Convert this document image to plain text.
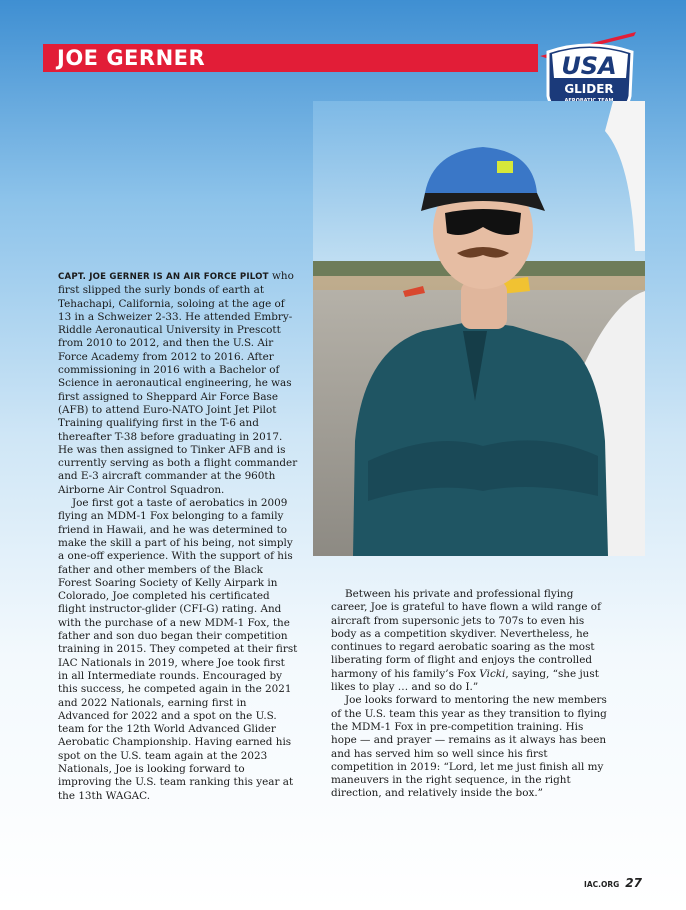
JOE GERNER	USA
GLIDER

CAPT. JOE GERNER IS AN AIR FORCE PILOT who first slipped the surly bonds of earth at Tehachapi, California, soloing at the age of 13 in a Schweizer 2-33. He attended Embry-Riddle Aeronautical University in Prescott from 2010 to 2012, and then the U.S. Air Force Academy from 2012 to 2016. After commissioning in 2016 with a Bachelor of Science in aeronautical engineering, he was first assigned to Sheppard Air Force Base (AFB) to attend Euro-NATO Joint Jet Pilot Training qualifying first in the T-6 and thereafter T-38 before graduating in 2017. He was then assigned to Tinker AFB and is currently serving as both a flight commander and E-3 aircraft commander at the 960th Airborne Air Control Squadron.

Joe first got a taste of aerobatics in 2009 flying an MDM-1 Fox belonging to a family friend in Hawaii, and he was determined to make the skill a part of his being, not simply a one-off experience. With the support of his father and other members of the Black Forest Soaring Society of Kelly Airpark in Colorado, Joe completed his certificated flight instructor-glider (CFI-G) rating. And with the purchase of a new MDM-1 Fox, the father and son duo began their competition training in 2015. They competed at their first IAC Nationals in 2019, where Joe took first in all Intermediate rounds. Encouraged by this success, he competed again in the 2021 and 2022 Nationals, earning first in Advanced for 2022 and a spot on the U.S. team for the 12th World Advanced Glider Aerobatic Championship. Having earned his spot on the U.S. team again at the 2023 Nationals, Joe is looking forward to improving the U.S. team ranking this year at the 13th WAGAC.

Between his private and professional flying career, Joe is grateful to have flown a wild range of aircraft from supersonic jets to 707s to even his body as a competition skydiver. Nevertheless, he continues to regard aerobatic soaring as the most liberating form of flight and enjoys the controlled harmony of his family’s Fox Vicki, saying, “she just likes to play … and so do I.”

Joe looks forward to mentoring the new members of the U.S. team this year as they transition to flying the MDM-1 Fox in pre-competition training. His hope — and prayer — remains as it always has been and has served him so well since his first competition in 2019: “Lord, let me just finish all my maneuvers in the right sequence, in the right direction, and relatively inside the box.”

IAC.ORG 27
